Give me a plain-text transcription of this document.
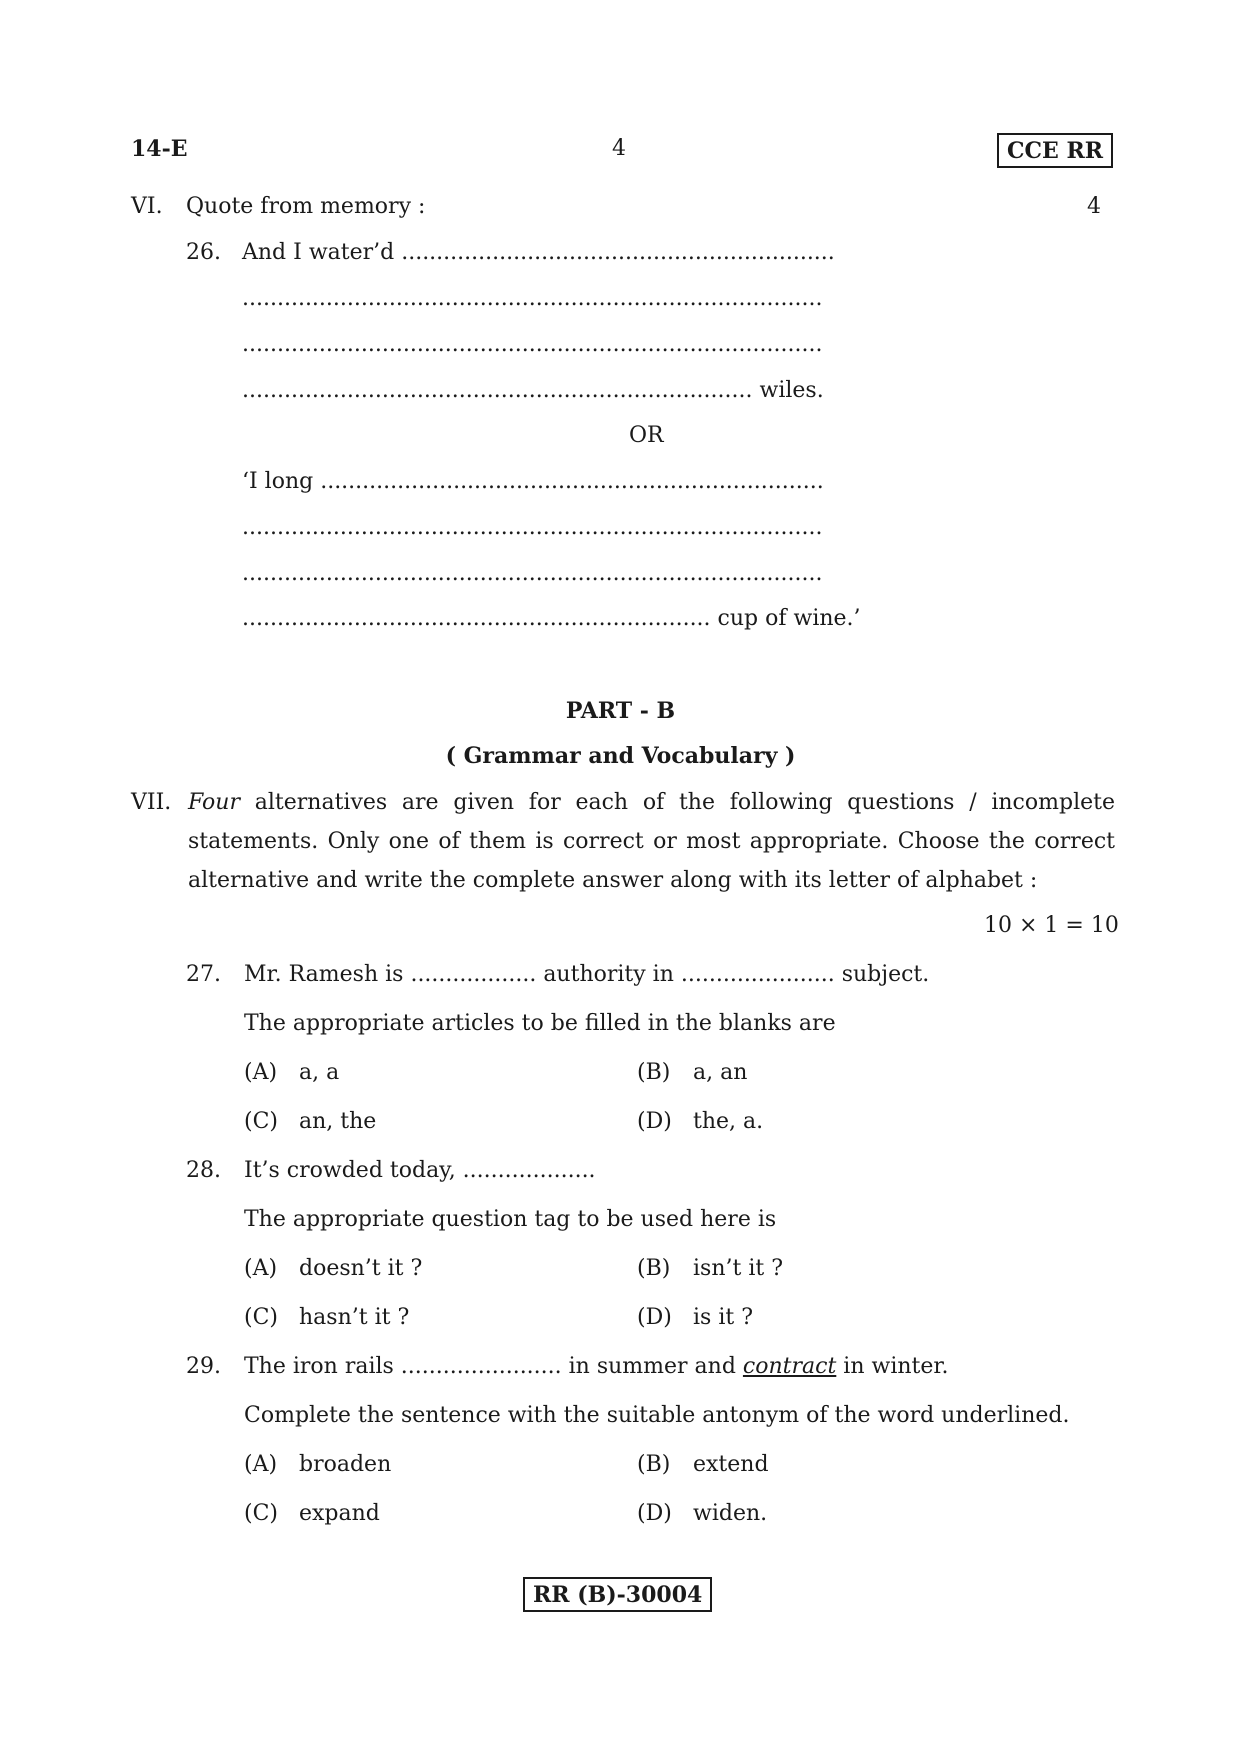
14-E	4	CCE RR
VI. Quote from memory :	4
26. And I water’d ..............................................................
...................................................................................
...................................................................................
......................................................................... wiles.
OR
‘I long ........................................................................
...................................................................................
...................................................................................
................................................................... cup of wine.’
PART - B
( Grammar and Vocabulary )
VII. Four alternatives are given for each of the following questions / incomplete
statements. Only one of them is correct or most appropriate. Choose the correct
alternative and write the complete answer along with its letter of alphabet :
10 × 1 = 10
27. Mr. Ramesh is .................. authority in ...................... subject.
The appropriate articles to be filled in the blanks are
(A) a, a	(B) a, an
(C) an, the	(D) the, a.
28. It’s crowded today, ...................
The appropriate question tag to be used here is
(A) doesn’t it ?	(B) isn’t it ?
(C) hasn’t it ?	(D) is it ?
29. The iron rails ....................... in summer and contract in winter.
Complete the sentence with the suitable antonym of the word underlined.
(A) broaden	(B) extend
(C) expand	(D) widen.
RR (B)-30004
